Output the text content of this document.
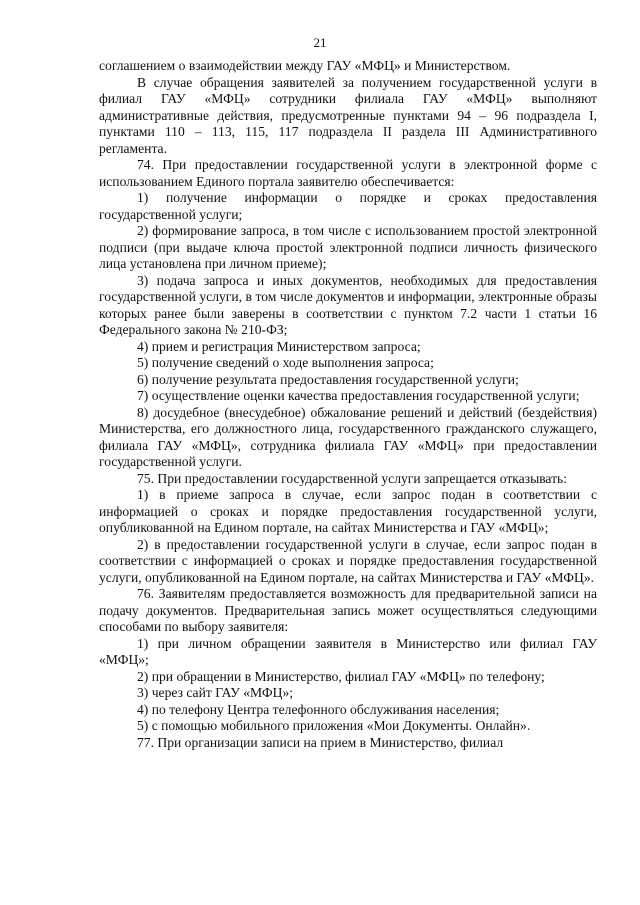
21

соглашением о взаимодействии между ГАУ «МФЦ» и Министерством.

В случае обращения заявителей за получением государственной услуги в филиал ГАУ «МФЦ» сотрудники филиала ГАУ «МФЦ» выполняют административные действия, предусмотренные пунктами 94 – 96 подраздела I, пунктами 110 – 113, 115, 117 подраздела II раздела III Административного регламента.

74. При предоставлении государственной услуги в электронной форме с использованием Единого портала заявителю обеспечивается:

1) получение информации о порядке и сроках предоставления государственной услуги;

2) формирование запроса, в том числе с использованием простой электронной подписи (при выдаче ключа простой электронной подписи личность физического лица установлена при личном приеме);

3) подача запроса и иных документов, необходимых для предоставления государственной услуги, в том числе документов и информации, электронные образы которых ранее были заверены в соответствии с пунктом 7.2 части 1 статьи 16 Федерального закона № 210-ФЗ;

4) прием и регистрация Министерством запроса;

5) получение сведений о ходе выполнения запроса;

6) получение результата предоставления государственной услуги;

7) осуществление оценки качества предоставления государственной услуги;

8) досудебное (внесудебное) обжалование решений и действий (бездействия) Министерства, его должностного лица, государственного гражданского служащего, филиала ГАУ «МФЦ», сотрудника филиала ГАУ «МФЦ» при предоставлении государственной услуги.

75. При предоставлении государственной услуги запрещается отказывать:

1) в приеме запроса в случае, если запрос подан в соответствии с информацией о сроках и порядке предоставления государственной услуги, опубликованной на Едином портале, на сайтах Министерства и ГАУ «МФЦ»;

2) в предоставлении государственной услуги в случае, если запрос подан в соответствии с информацией о сроках и порядке предоставления государственной услуги, опубликованной на Едином портале, на сайтах Министерства и ГАУ «МФЦ».

76. Заявителям предоставляется возможность для предварительной записи на подачу документов. Предварительная запись может осуществляться следующими способами по выбору заявителя:

1) при личном обращении заявителя в Министерство или филиал ГАУ «МФЦ»;

2) при обращении в Министерство, филиал ГАУ «МФЦ» по телефону;

3) через сайт ГАУ «МФЦ»;

4) по телефону Центра телефонного обслуживания населения;

5) с помощью мобильного приложения «Мои Документы. Онлайн».

77. При организации записи на прием в Министерство, филиал
